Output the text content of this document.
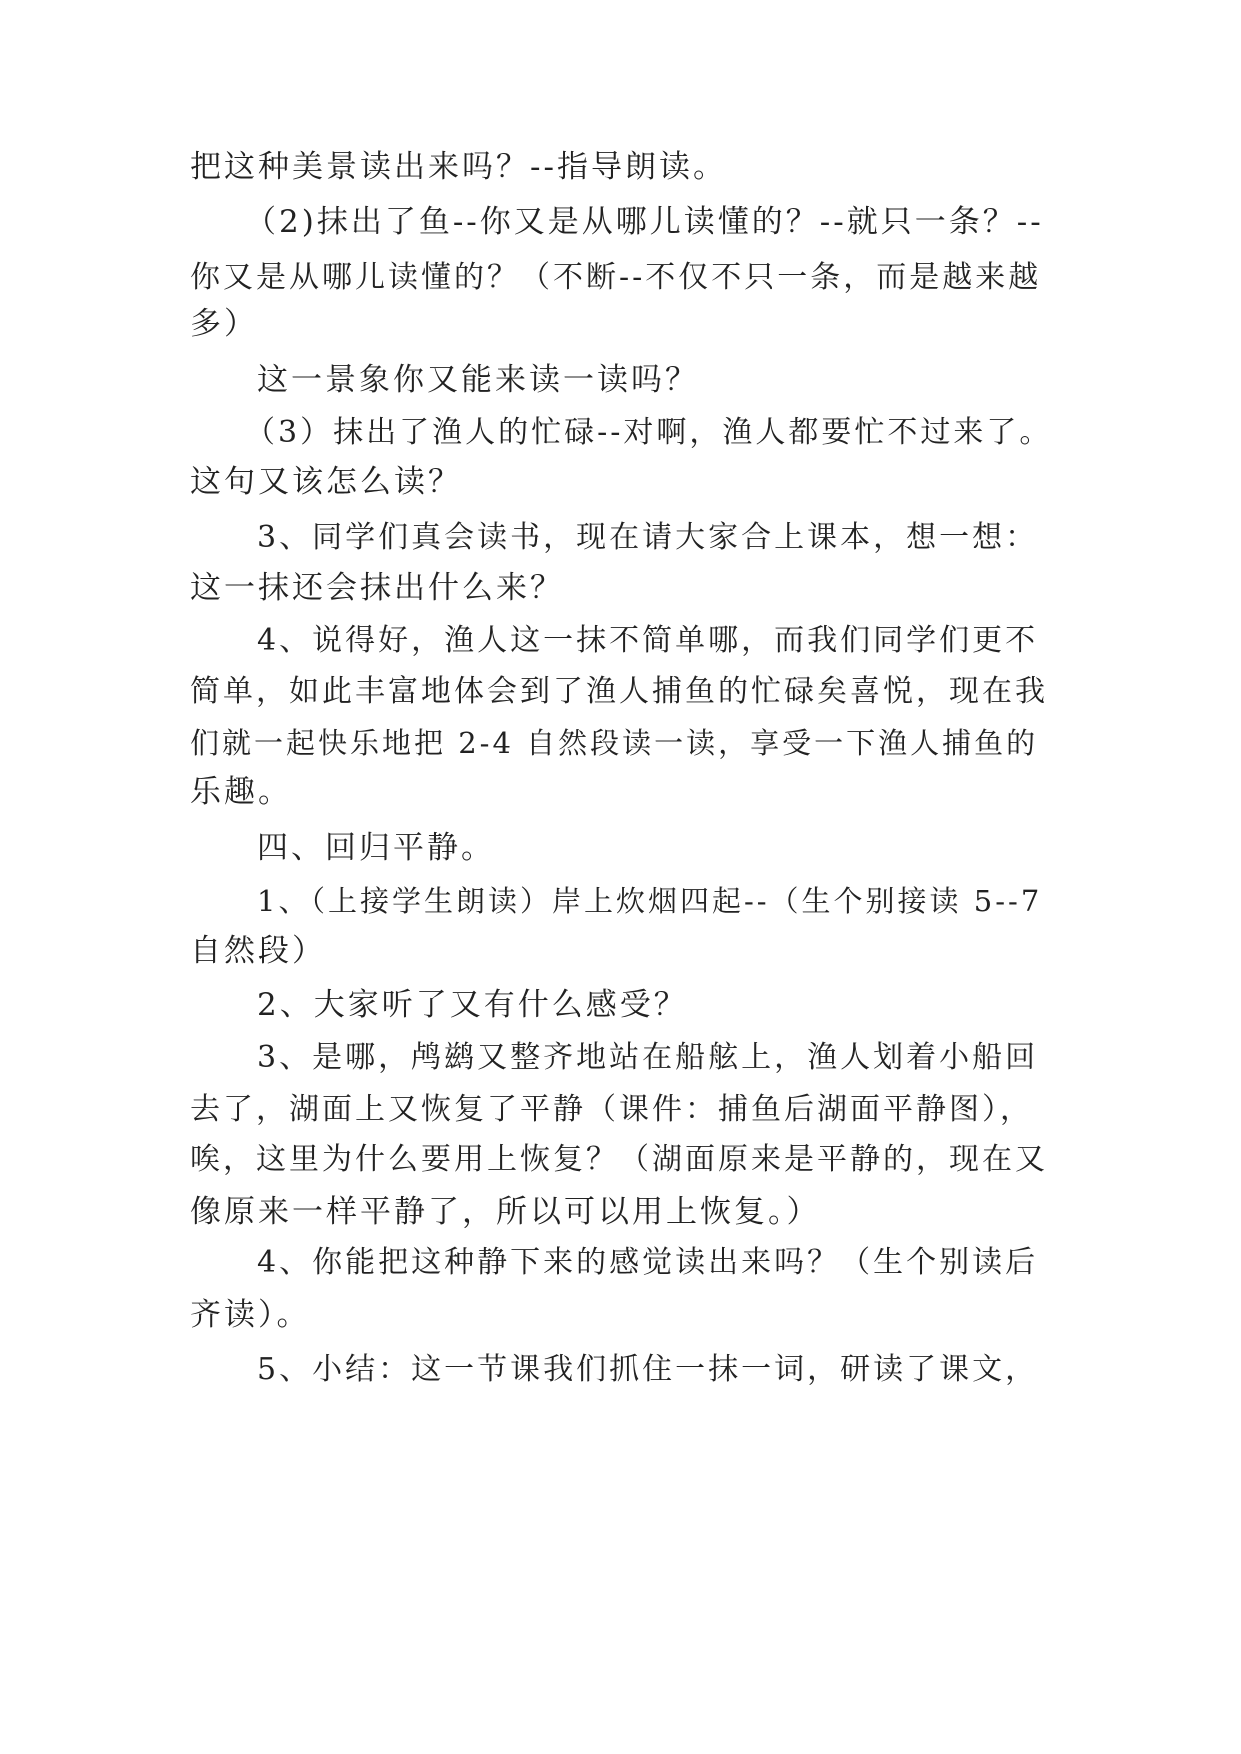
把这种美景读出来吗？--指导朗读。
（2)抹出了鱼--你又是从哪儿读懂的？--就只一条？--
你又是从哪儿读懂的？（不断--不仅不只一条，而是越来越
多）
这一景象你又能来读一读吗？
（3）抹出了渔人的忙碌--对啊，渔人都要忙不过来了。
这句又该怎么读？
3、同学们真会读书，现在请大家合上课本，想一想：
这一抹还会抹出什么来？
4、说得好，渔人这一抹不简单哪，而我们同学们更不
简单，如此丰富地体会到了渔人捕鱼的忙碌矣喜悦，现在我
们就一起快乐地把 2-4 自然段读一读，享受一下渔人捕鱼的
乐趣。
四、回归平静。
1、（上接学生朗读）岸上炊烟四起--（生个别接读 5--7
自然段）
2、大家听了又有什么感受？
3、是哪，鸬鹚又整齐地站在船舷上，渔人划着小船回
去了，湖面上又恢复了平静（课件：捕鱼后湖面平静图），
唉，这里为什么要用上恢复？（湖面原来是平静的，现在又
像原来一样平静了，所以可以用上恢复。）
4、你能把这种静下来的感觉读出来吗？（生个别读后
齐读）。
5、小结：这一节课我们抓住一抹一词，研读了课文，
